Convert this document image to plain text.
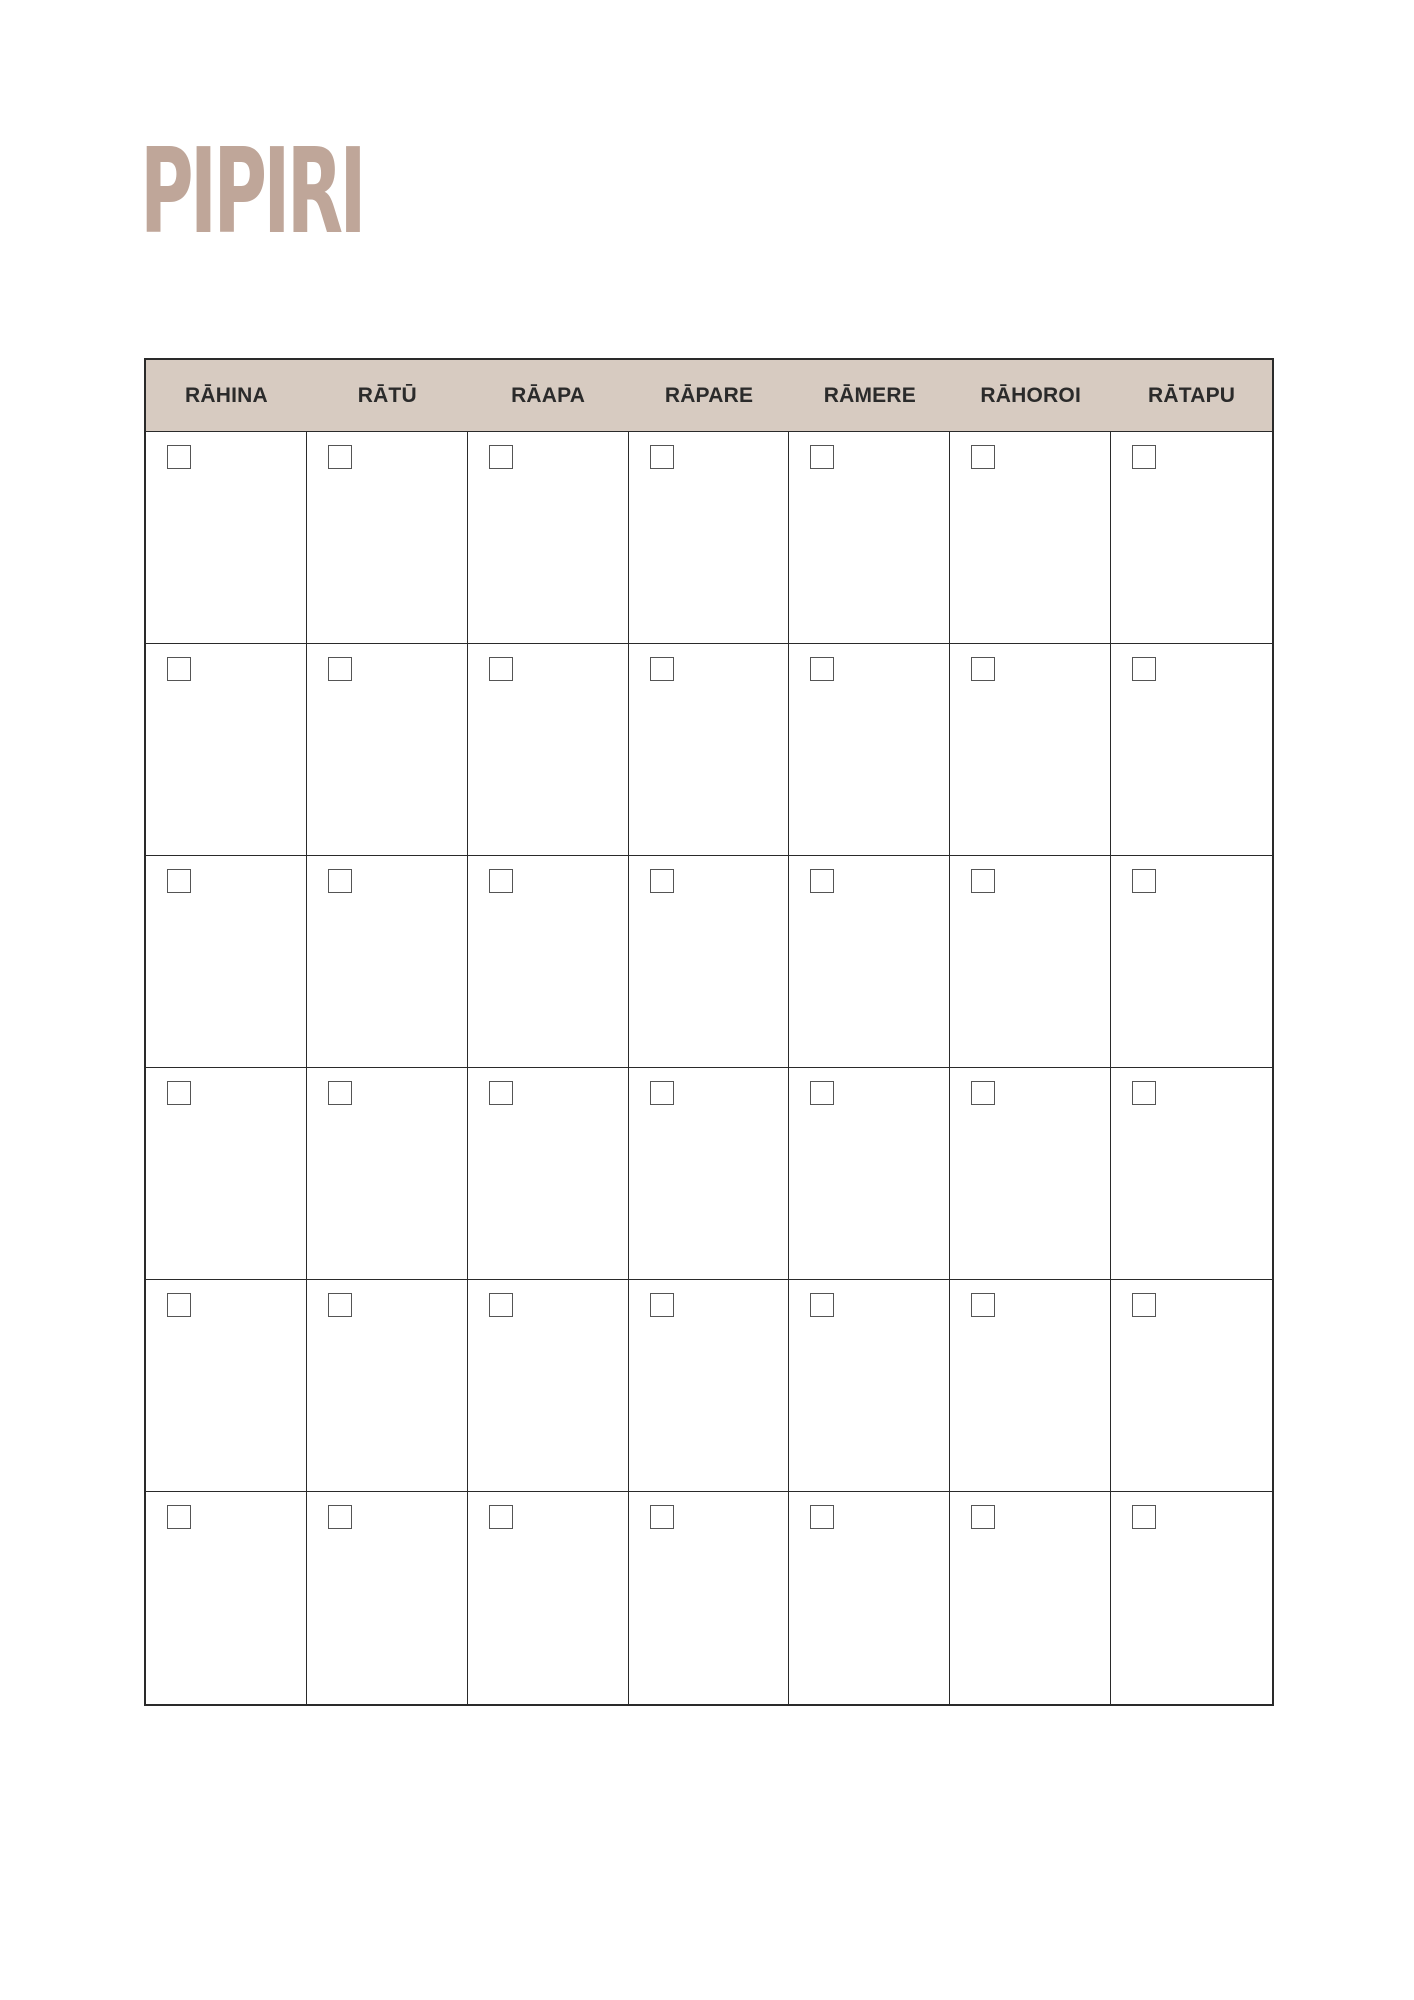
PIPIRI
RĀHINA	RĀTŪ	RĀAPA	RĀPARE	RĀMERE	RĀHOROI	RĀTAPU
